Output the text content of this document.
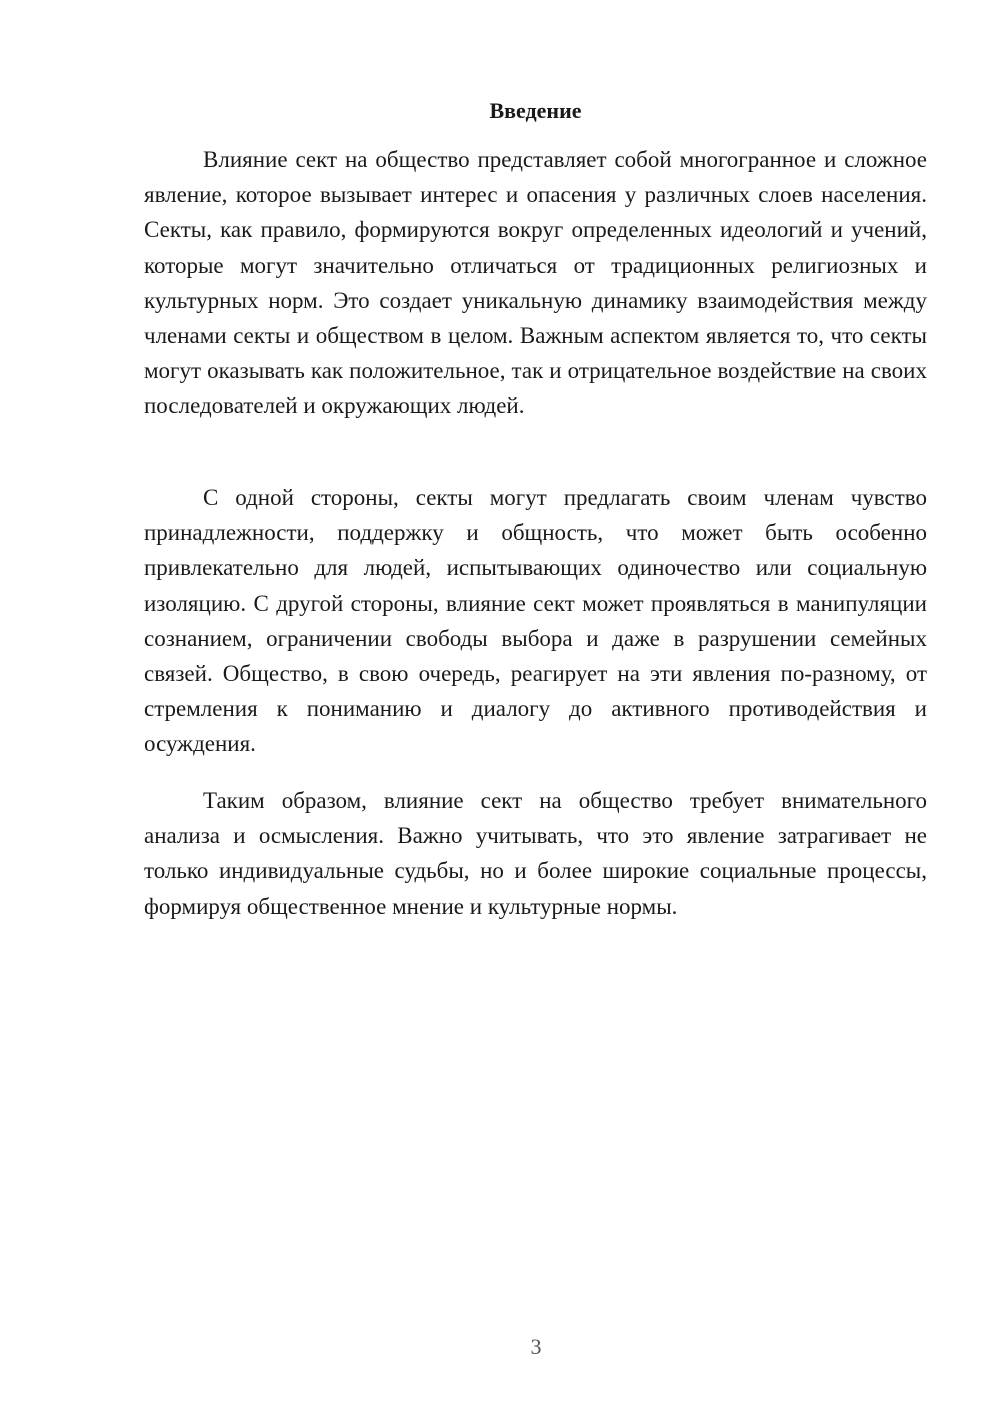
Введение

Влияние сект на общество представляет собой многогранное и сложное явление, которое вызывает интерес и опасения у различных слоев населения. Секты, как правило, формируются вокруг определенных идеологий и учений, которые могут значительно отличаться от традиционных религиозных и культурных норм. Это создает уникальную динамику взаимодействия между членами секты и обществом в целом. Важным аспектом является то, что секты могут оказывать как положительное, так и отрицательное воздействие на своих последователей и окружающих людей.

С одной стороны, секты могут предлагать своим членам чувство принадлежности, поддержку и общность, что может быть особенно привлекательно для людей, испытывающих одиночество или социальную изоляцию. С другой стороны, влияние сект может проявляться в манипуляции сознанием, ограничении свободы выбора и даже в разрушении семейных связей. Общество, в свою очередь, реагирует на эти явления по-разному, от стремления к пониманию и диалогу до активного противодействия и осуждения.

Таким образом, влияние сект на общество требует внимательного анализа и осмысления. Важно учитывать, что это явление затрагивает не только индивидуальные судьбы, но и более широкие социальные процессы, формируя общественное мнение и культурные нормы.

3
